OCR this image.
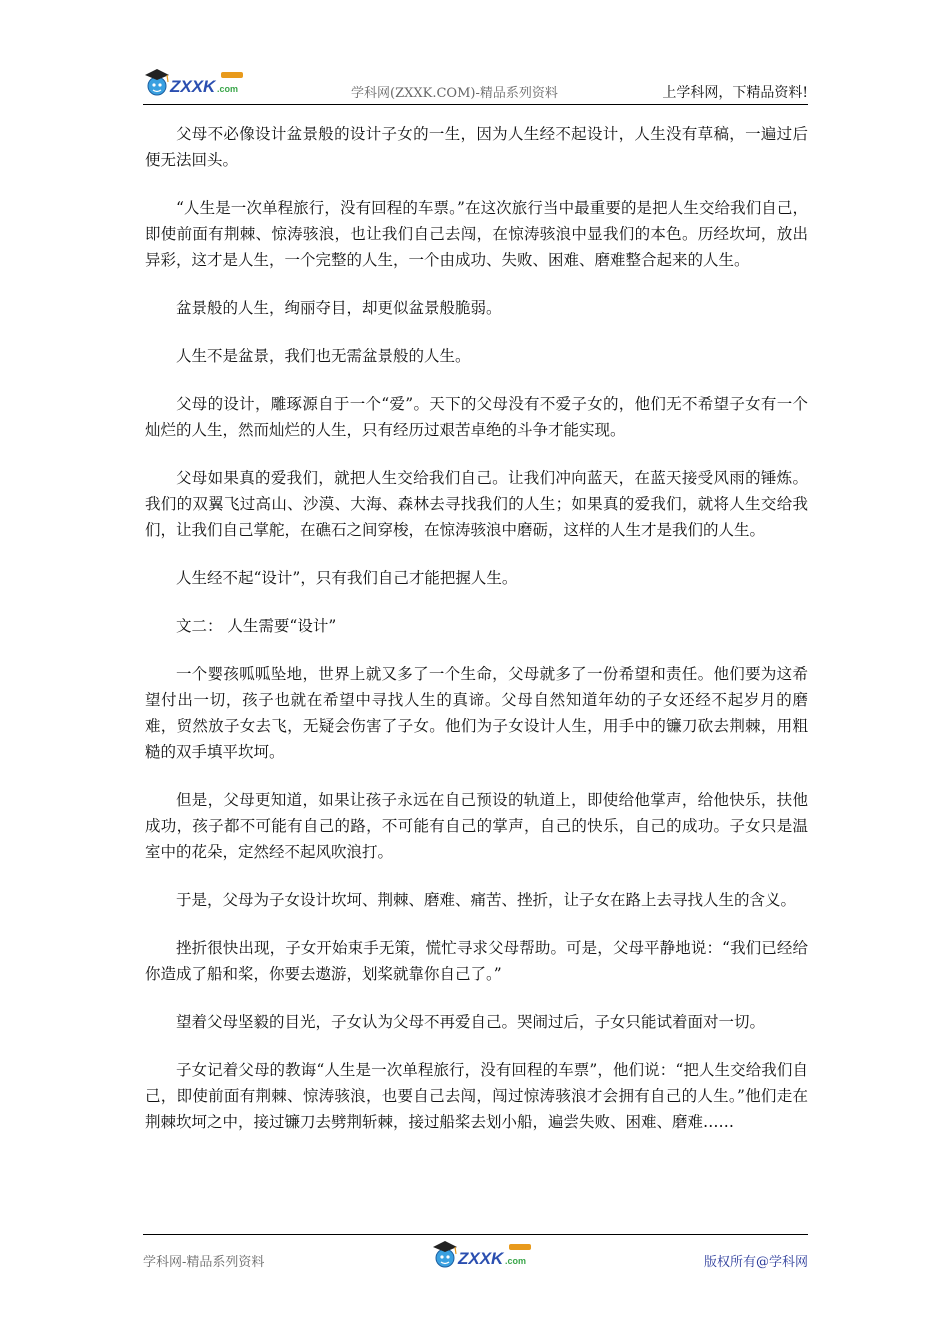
ZXXK .com	学科网(ZXXK.COM)-精品系列资料	上学科网，下精品资料!

父母不必像设计盆景般的设计子女的一生，因为人生经不起设计，人生没有草稿，一遍过后便无法回头。

“人生是一次单程旅行，没有回程的车票。”在这次旅行当中最重要的是把人生交给我们自己，即使前面有荆棘、惊涛骇浪，也让我们自己去闯，在惊涛骇浪中显我们的本色。历经坎坷，放出异彩，这才是人生，一个完整的人生，一个由成功、失败、困难、磨难整合起来的人生。

盆景般的人生，绚丽夺目，却更似盆景般脆弱。

人生不是盆景，我们也无需盆景般的人生。

父母的设计，雕琢源自于一个“爱”。天下的父母没有不爱子女的，他们无不希望子女有一个灿烂的人生，然而灿烂的人生，只有经历过艰苦卓绝的斗争才能实现。

父母如果真的爱我们，就把人生交给我们自己。让我们冲向蓝天，在蓝天接受风雨的锤炼。我们的双翼飞过高山、沙漠、大海、森林去寻找我们的人生；如果真的爱我们，就将人生交给我们，让我们自己掌舵，在礁石之间穿梭，在惊涛骇浪中磨砺，这样的人生才是我们的人生。

人生经不起“设计”，只有我们自己才能把握人生。

文二： 人生需要“设计”

一个婴孩呱呱坠地，世界上就又多了一个生命，父母就多了一份希望和责任。他们要为这希望付出一切，孩子也就在希望中寻找人生的真谛。父母自然知道年幼的子女还经不起岁月的磨难，贸然放子女去飞，无疑会伤害了子女。他们为子女设计人生，用手中的镰刀砍去荆棘，用粗糙的双手填平坎坷。

但是，父母更知道，如果让孩子永远在自己预设的轨道上，即使给他掌声，给他快乐，扶他成功，孩子都不可能有自己的路，不可能有自己的掌声，自己的快乐，自己的成功。子女只是温室中的花朵，定然经不起风吹浪打。

于是，父母为子女设计坎坷、荆棘、磨难、痛苦、挫折，让子女在路上去寻找人生的含义。

挫折很快出现，子女开始束手无策，慌忙寻求父母帮助。可是，父母平静地说：“我们已经给你造成了船和桨，你要去遨游，划桨就靠你自己了。”

望着父母坚毅的目光，子女认为父母不再爱自己。哭闹过后，子女只能试着面对一切。

子女记着父母的教诲“人生是一次单程旅行，没有回程的车票”，他们说：“把人生交给我们自己，即使前面有荆棘、惊涛骇浪，也要自己去闯，闯过惊涛骇浪才会拥有自己的人生。”他们走在荆棘坎坷之中，接过镰刀去劈荆斩棘，接过船桨去划小船，遍尝失败、困难、磨难……

学科网-精品系列资料	ZXXK .com	版权所有@学科网
